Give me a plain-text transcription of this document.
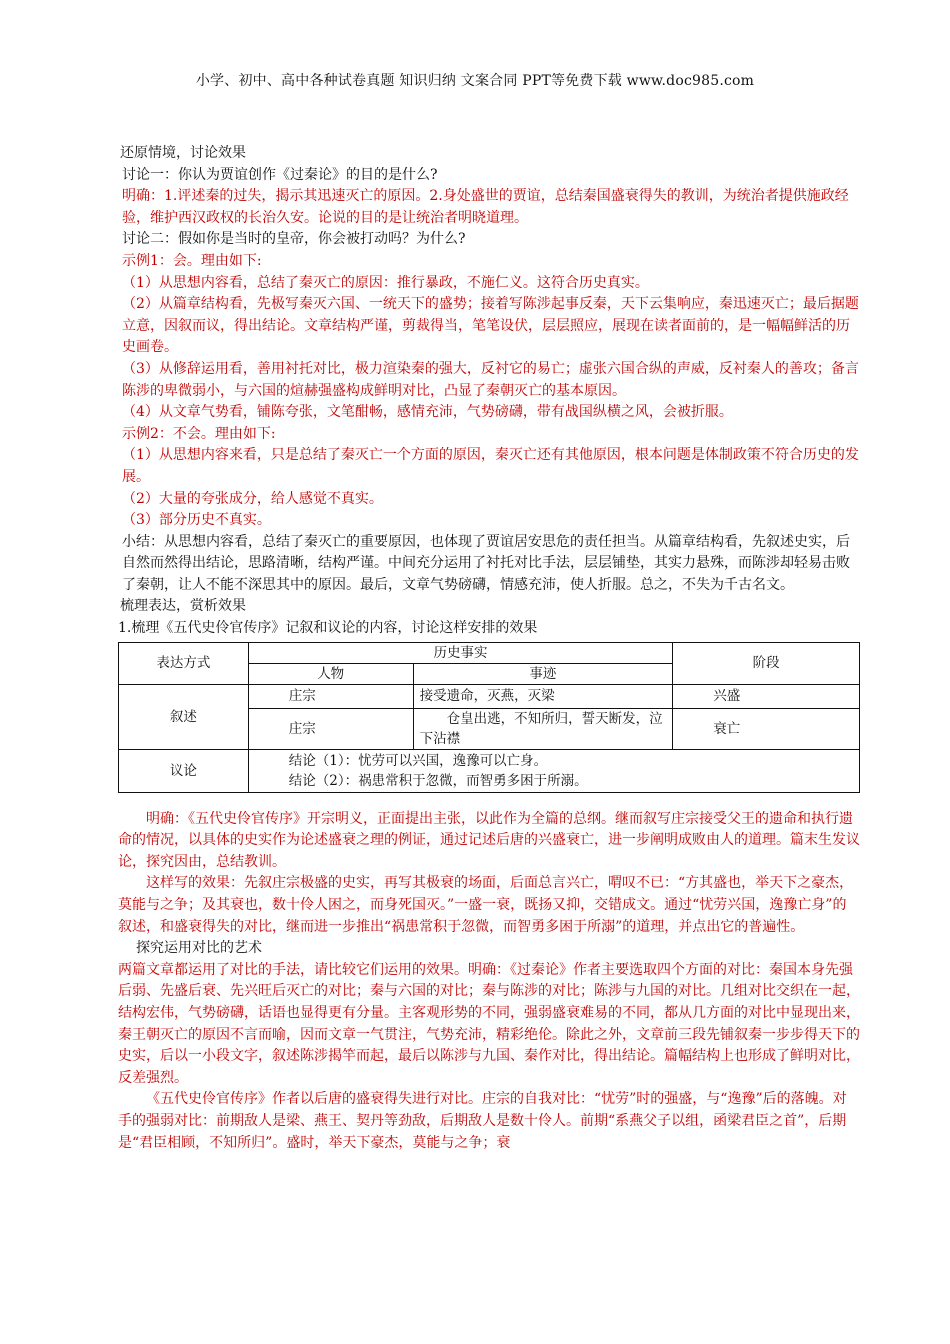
小学、初中、高中各种试卷真题 知识归纳 文案合同 PPT等免费下载 www.doc985.com

还原情境，讨论效果

讨论一：你认为贾谊创作《过秦论》的目的是什么?

明确：1.评述秦的过失，揭示其迅速灭亡的原因。2.身处盛世的贾谊，总结秦国盛衰得失的教训，为统治者提供施政经验，维护西汉政权的长治久安。论说的目的是让统治者明晓道理。

讨论二：假如你是当时的皇帝，你会被打动吗？为什么?

示例1：会。理由如下:

（1）从思想内容看，总结了秦灭亡的原因：推行暴政，不施仁义。这符合历史真实。

（2）从篇章结构看，先极写秦灭六国、一统天下的盛势；接着写陈涉起事反秦，天下云集响应，秦迅速灭亡；最后据题立意，因叙而议，得出结论。文章结构严谨，剪裁得当，笔笔设伏，层层照应，展现在读者面前的，是一幅幅鲜活的历史画卷。

（3）从修辞运用看，善用衬托对比，极力渲染秦的强大，反衬它的易亡；虚张六国合纵的声威，反衬秦人的善攻；备言陈涉的卑微弱小，与六国的煊赫强盛构成鲜明对比，凸显了秦朝灭亡的基本原因。

（4）从文章气势看，铺陈夸张，文笔酣畅，感情充沛，气势磅礴，带有战国纵横之风，会被折服。

示例2：不会。理由如下:

（1）从思想内容来看，只是总结了秦灭亡一个方面的原因，秦灭亡还有其他原因，根本问题是体制政策不符合历史的发展。

（2）大量的夸张成分，给人感觉不真实。

（3）部分历史不真实。

小结：从思想内容看，总结了秦灭亡的重要原因，也体现了贾谊居安思危的责任担当。从篇章结构看，先叙述史实，后自然而然得出结论，思路清晰，结构严谨。中间充分运用了衬托对比手法，层层铺垫，其实力悬殊，而陈涉却轻易击败了秦朝，让人不能不深思其中的原因。最后，文章气势磅礴，情感充沛，使人折服。总之，不失为千古名文。

梳理表达，赏析效果

1.梳理《五代史伶官传序》记叙和议论的内容，讨论这样安排的效果

表达方式	历史事实		阶段
	人物	事迹	
叙述	庄宗	接受遗命，灭燕，灭梁	兴盛
	庄宗	仓皇出逃，不知所归，誓天断发，泣下沾襟	衰亡
议论	结论（1）：忧劳可以兴国，逸豫可以亡身。
结论（2）：祸患常积于忽微，而智勇多困于所溺。		

明确：《五代史伶官传序》开宗明义，正面提出主张，以此作为全篇的总纲。继而叙写庄宗接受父王的遗命和执行遗命的情况，以具体的史实作为论述盛衰之理的例证，通过记述后唐的兴盛衰亡，进一步阐明成败由人的道理。篇末生发议论，探究因由，总结教训。

这样写的效果：先叙庄宗极盛的史实，再写其极衰的场面，后面总言兴亡，喟叹不已：“方其盛也，举天下之豪杰，莫能与之争；及其衰也，数十伶人困之，而身死国灭。”一盛一衰，既扬又抑，交错成文。通过“忧劳兴国，逸豫亡身”的叙述，和盛衰得失的对比，继而进一步推出“祸患常积于忽微，而智勇多困于所溺”的道理，并点出它的普遍性。

探究运用对比的艺术

两篇文章都运用了对比的手法，请比较它们运用的效果。明确：《过秦论》作者主要选取四个方面的对比：秦国本身先强后弱、先盛后衰、先兴旺后灭亡的对比；秦与六国的对比；秦与陈涉的对比；陈涉与九国的对比。几组对比交织在一起，结构宏伟，气势磅礴，话语也显得更有分量。主客观形势的不同，强弱盛衰难易的不同，都从几方面的对比中显现出来，秦王朝灭亡的原因不言而喻，因而文章一气贯注，气势充沛，精彩绝伦。除此之外，文章前三段先铺叙秦一步步得天下的史实，后以一小段文字，叙述陈涉揭竿而起，最后以陈涉与九国、秦作对比，得出结论。篇幅结构上也形成了鲜明对比，反差强烈。

《五代史伶官传序》作者以后唐的盛衰得失进行对比。庄宗的自我对比：“忧劳”时的强盛，与“逸豫”后的落魄。对手的强弱对比：前期敌人是梁、燕王、契丹等劲敌，后期敌人是数十伶人。前期“系燕父子以组，函梁君臣之首”，后期是“君臣相顾，不知所归”。盛时，举天下豪杰，莫能与之争；衰
